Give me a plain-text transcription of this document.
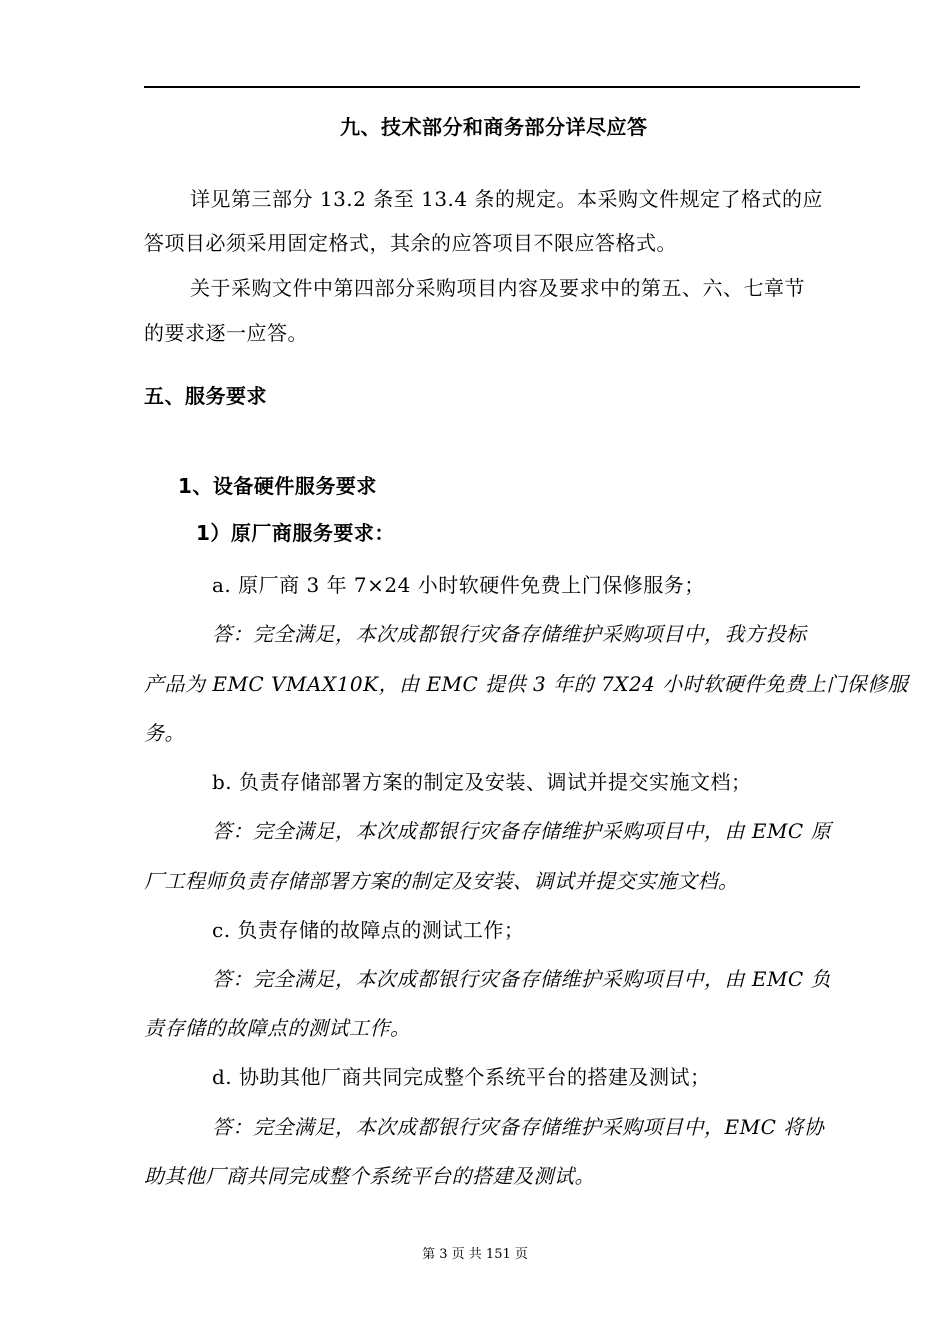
九、技术部分和商务部分详尽应答
详见第三部分 13.2 条至 13.4 条的规定。本采购文件规定了格式的应
答项目必须采用固定格式，其余的应答项目不限应答格式。
关于采购文件中第四部分采购项目内容及要求中的第五、六、七章节
的要求逐一应答。
五、服务要求
1、设备硬件服务要求
1）原厂商服务要求：
a. 原厂商 3 年 7×24 小时软硬件免费上门保修服务；
答：完全满足，本次成都银行灾备存储维护采购项目中，我方投标
产品为 EMC VMAX10K，由 EMC 提供 3 年的 7X24 小时软硬件免费上门保修服
务。
b. 负责存储部署方案的制定及安装、调试并提交实施文档；
答：完全满足，本次成都银行灾备存储维护采购项目中，由 EMC 原
厂工程师负责存储部署方案的制定及安装、调试并提交实施文档。
c. 负责存储的故障点的测试工作；
答：完全满足，本次成都银行灾备存储维护采购项目中，由 EMC 负
责存储的故障点的测试工作。
d. 协助其他厂商共同完成整个系统平台的搭建及测试；
答：完全满足，本次成都银行灾备存储维护采购项目中，EMC 将协
助其他厂商共同完成整个系统平台的搭建及测试。
第 3 页 共 151 页
